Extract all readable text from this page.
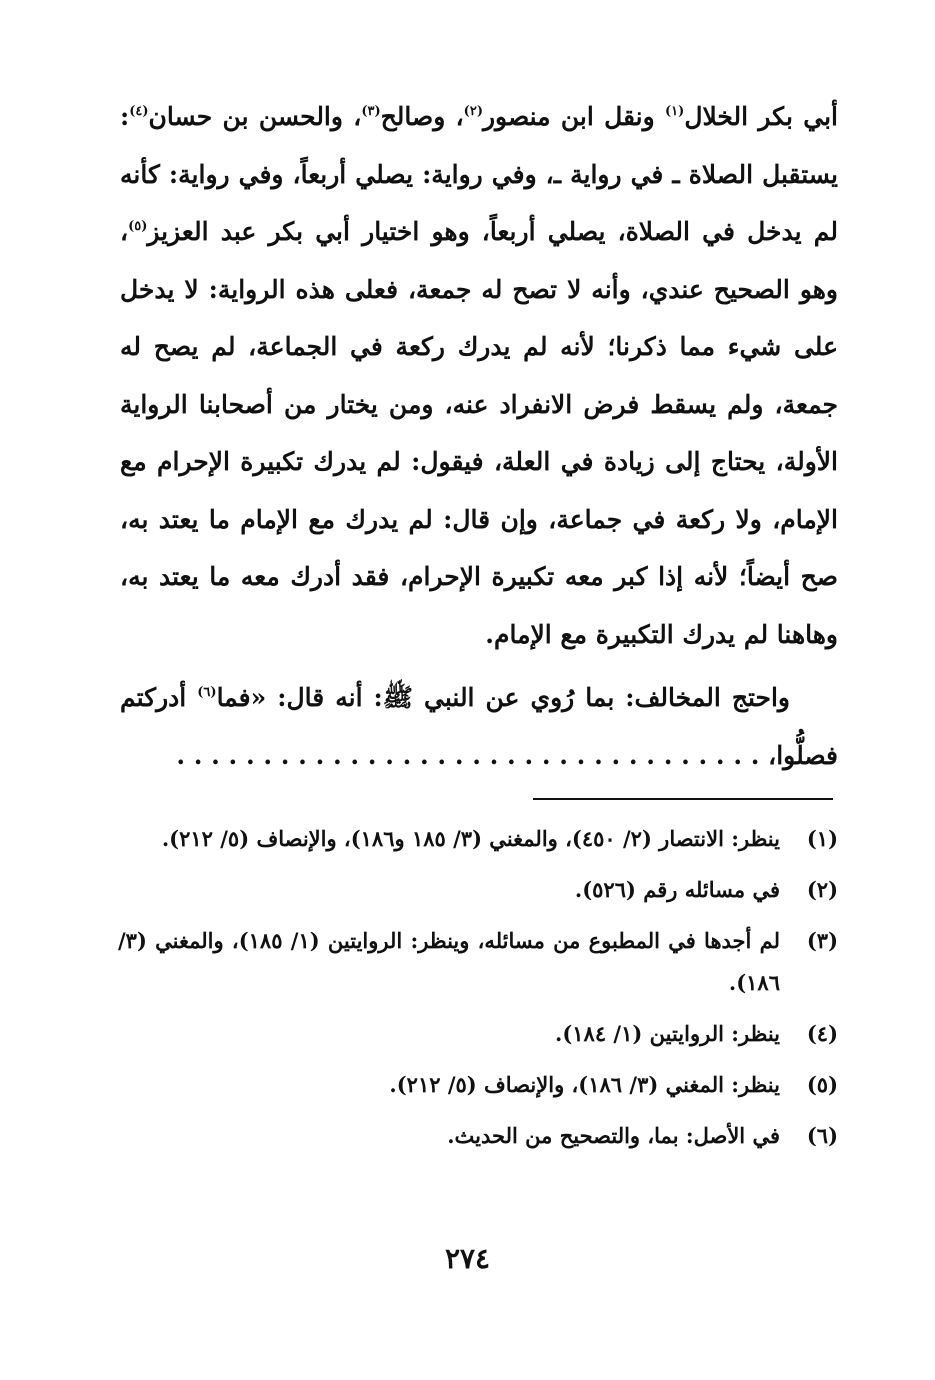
أبي بكر الخلال$^{(١)}$ ونقل ابن منصور$^{(٢)}$، وصالح$^{(٣)}$، والحسن بن حسان$^{(٤)}$: يستقبل الصلاة ـ في رواية ـ، وفي رواية: يصلي أربعاً، وفي رواية: كأنه لم يدخل في الصلاة، يصلي أربعاً، وهو اختيار أبي بكر عبد العزيز$^{(٥)}$، وهو الصحيح عندي، وأنه لا تصح له جمعة، فعلى هذه الرواية: لا يدخل على شيء مما ذكرنا؛ لأنه لم يدرك ركعة في الجماعة، لم يصح له جمعة، ولم يسقط فرض الانفراد عنه، ومن يختار من أصحابنا الرواية الأولة، يحتاج إلى زيادة في العلة، فيقول: لم يدرك تكبيرة الإحرام مع الإمام، ولا ركعة في جماعة، وإن قال: لم يدرك مع الإمام ما يعتد به، صح أيضاً؛ لأنه إذا كبر معه تكبيرة الإحرام، فقد أدرك معه ما يعتد به، وهاهنا لم يدرك التكبيرة مع الإمام.

واحتج المخالف: بما رُوي عن النبي ﷺ: أنه قال: «فما$^{(٦)}$ أدركتم فصلُّوا، . . . . . . . . . . . . . . . . . . . . . . . . . . . . . . . . . .

(١)
ينظر: الانتصار (٢/ ٤٥٠)، والمغني (٣/ ١٨٥ و١٨٦)، والإنصاف (٥/ ٢١٢).
(٢)
في مسائله رقم (٥٢٦).
(٣)
لم أجدها في المطبوع من مسائله، وينظر: الروايتين (١/ ١٨٥)، والمغني (٣/ ١٨٦).
(٤)
ينظر: الروايتين (١/ ١٨٤).
(٥)
ينظر: المغني (٣/ ١٨٦)، والإنصاف (٥/ ٢١٢).
(٦)
في الأصل: بما، والتصحيح من الحديث.
٢٧٤
